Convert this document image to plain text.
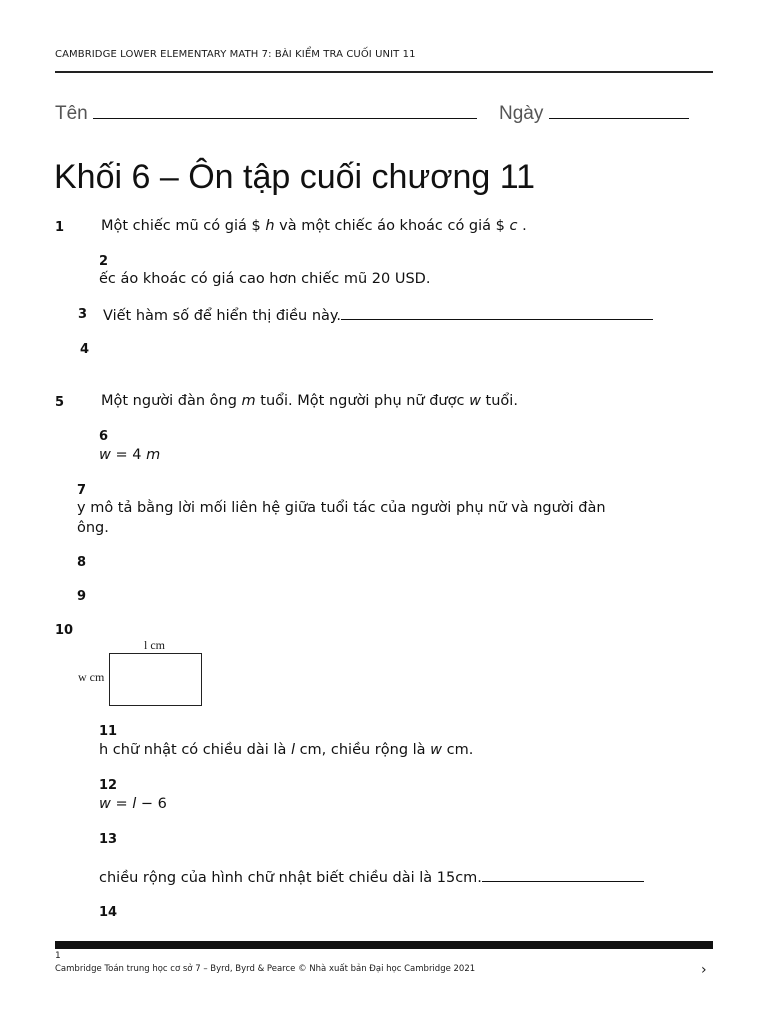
CAMBRIDGE LOWER ELEMENTARY MATH 7: BÀI KIỂM TRA CUỐI UNIT 11
Tên	Ngày
Khối 6 – Ôn tập cuối chương 11
1	Một chiếc mũ có giá $ h và một chiếc áo khoác có giá $ c .
2
ếc áo khoác có giá cao hơn chiếc mũ 20 USD.
3 Viết hàm số để hiển thị điều này.
4
5	Một người đàn ông m tuổi. Một người phụ nữ được w tuổi.
6
w = 4 m
7
y mô tả bằng lời mối liên hệ giữa tuổi tác của người phụ nữ và người đàn
ông.
8
9
10
l cm
w cm
11
h chữ nhật có chiều dài là l cm, chiều rộng là w cm.
12
w = l − 6
13
chiều rộng của hình chữ nhật biết chiều dài là 15cm.
14
1
Cambridge Toán trung học cơ sở 7 – Byrd, Byrd & Pearce © Nhà xuất bản Đại học Cambridge 2021	›
